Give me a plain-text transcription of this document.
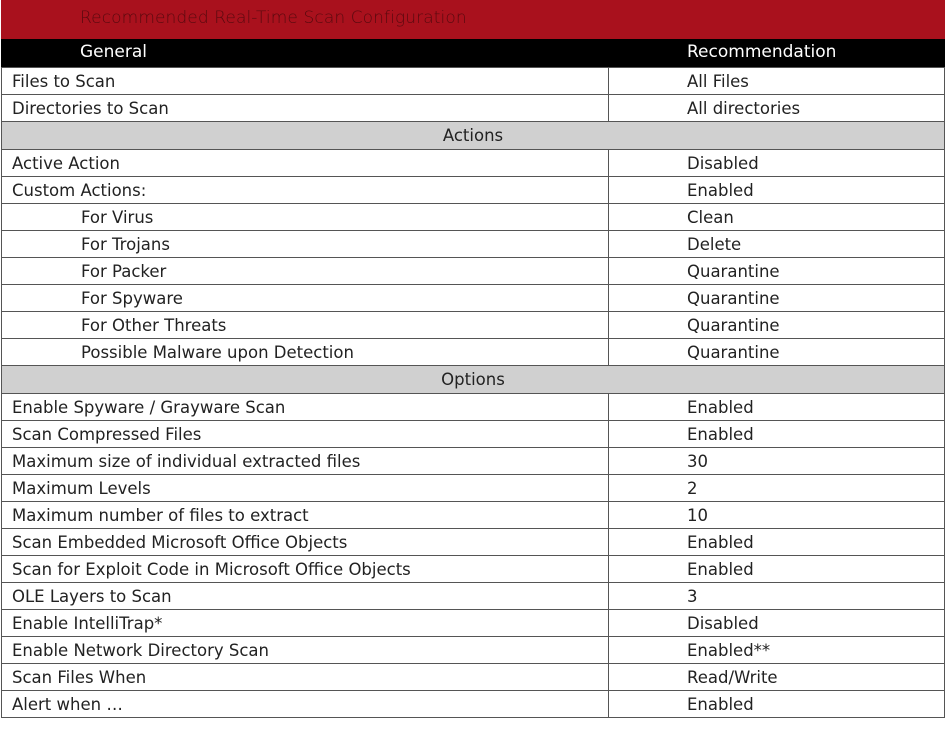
Recommended Real-Time Scan Configuration
General	Recommendation
Files to Scan	All Files
Directories to Scan	All directories
Actions	
Active Action	Disabled
Custom Actions:	Enabled
For Virus	Clean
For Trojans	Delete
For Packer	Quarantine
For Spyware	Quarantine
For Other Threats	Quarantine
Possible Malware upon Detection	Quarantine
Options	
Enable Spyware / Grayware Scan	Enabled
Scan Compressed Files	Enabled
Maximum size of individual extracted files	30
Maximum Levels	2
Maximum number of files to extract	10
Scan Embedded Microsoft Office Objects	Enabled
Scan for Exploit Code in Microsoft Office Objects	Enabled
OLE Layers to Scan	3
Enable IntelliTrap*	Disabled
Enable Network Directory Scan	Enabled**
Scan Files When	Read/Write
Alert when …	Enabled
